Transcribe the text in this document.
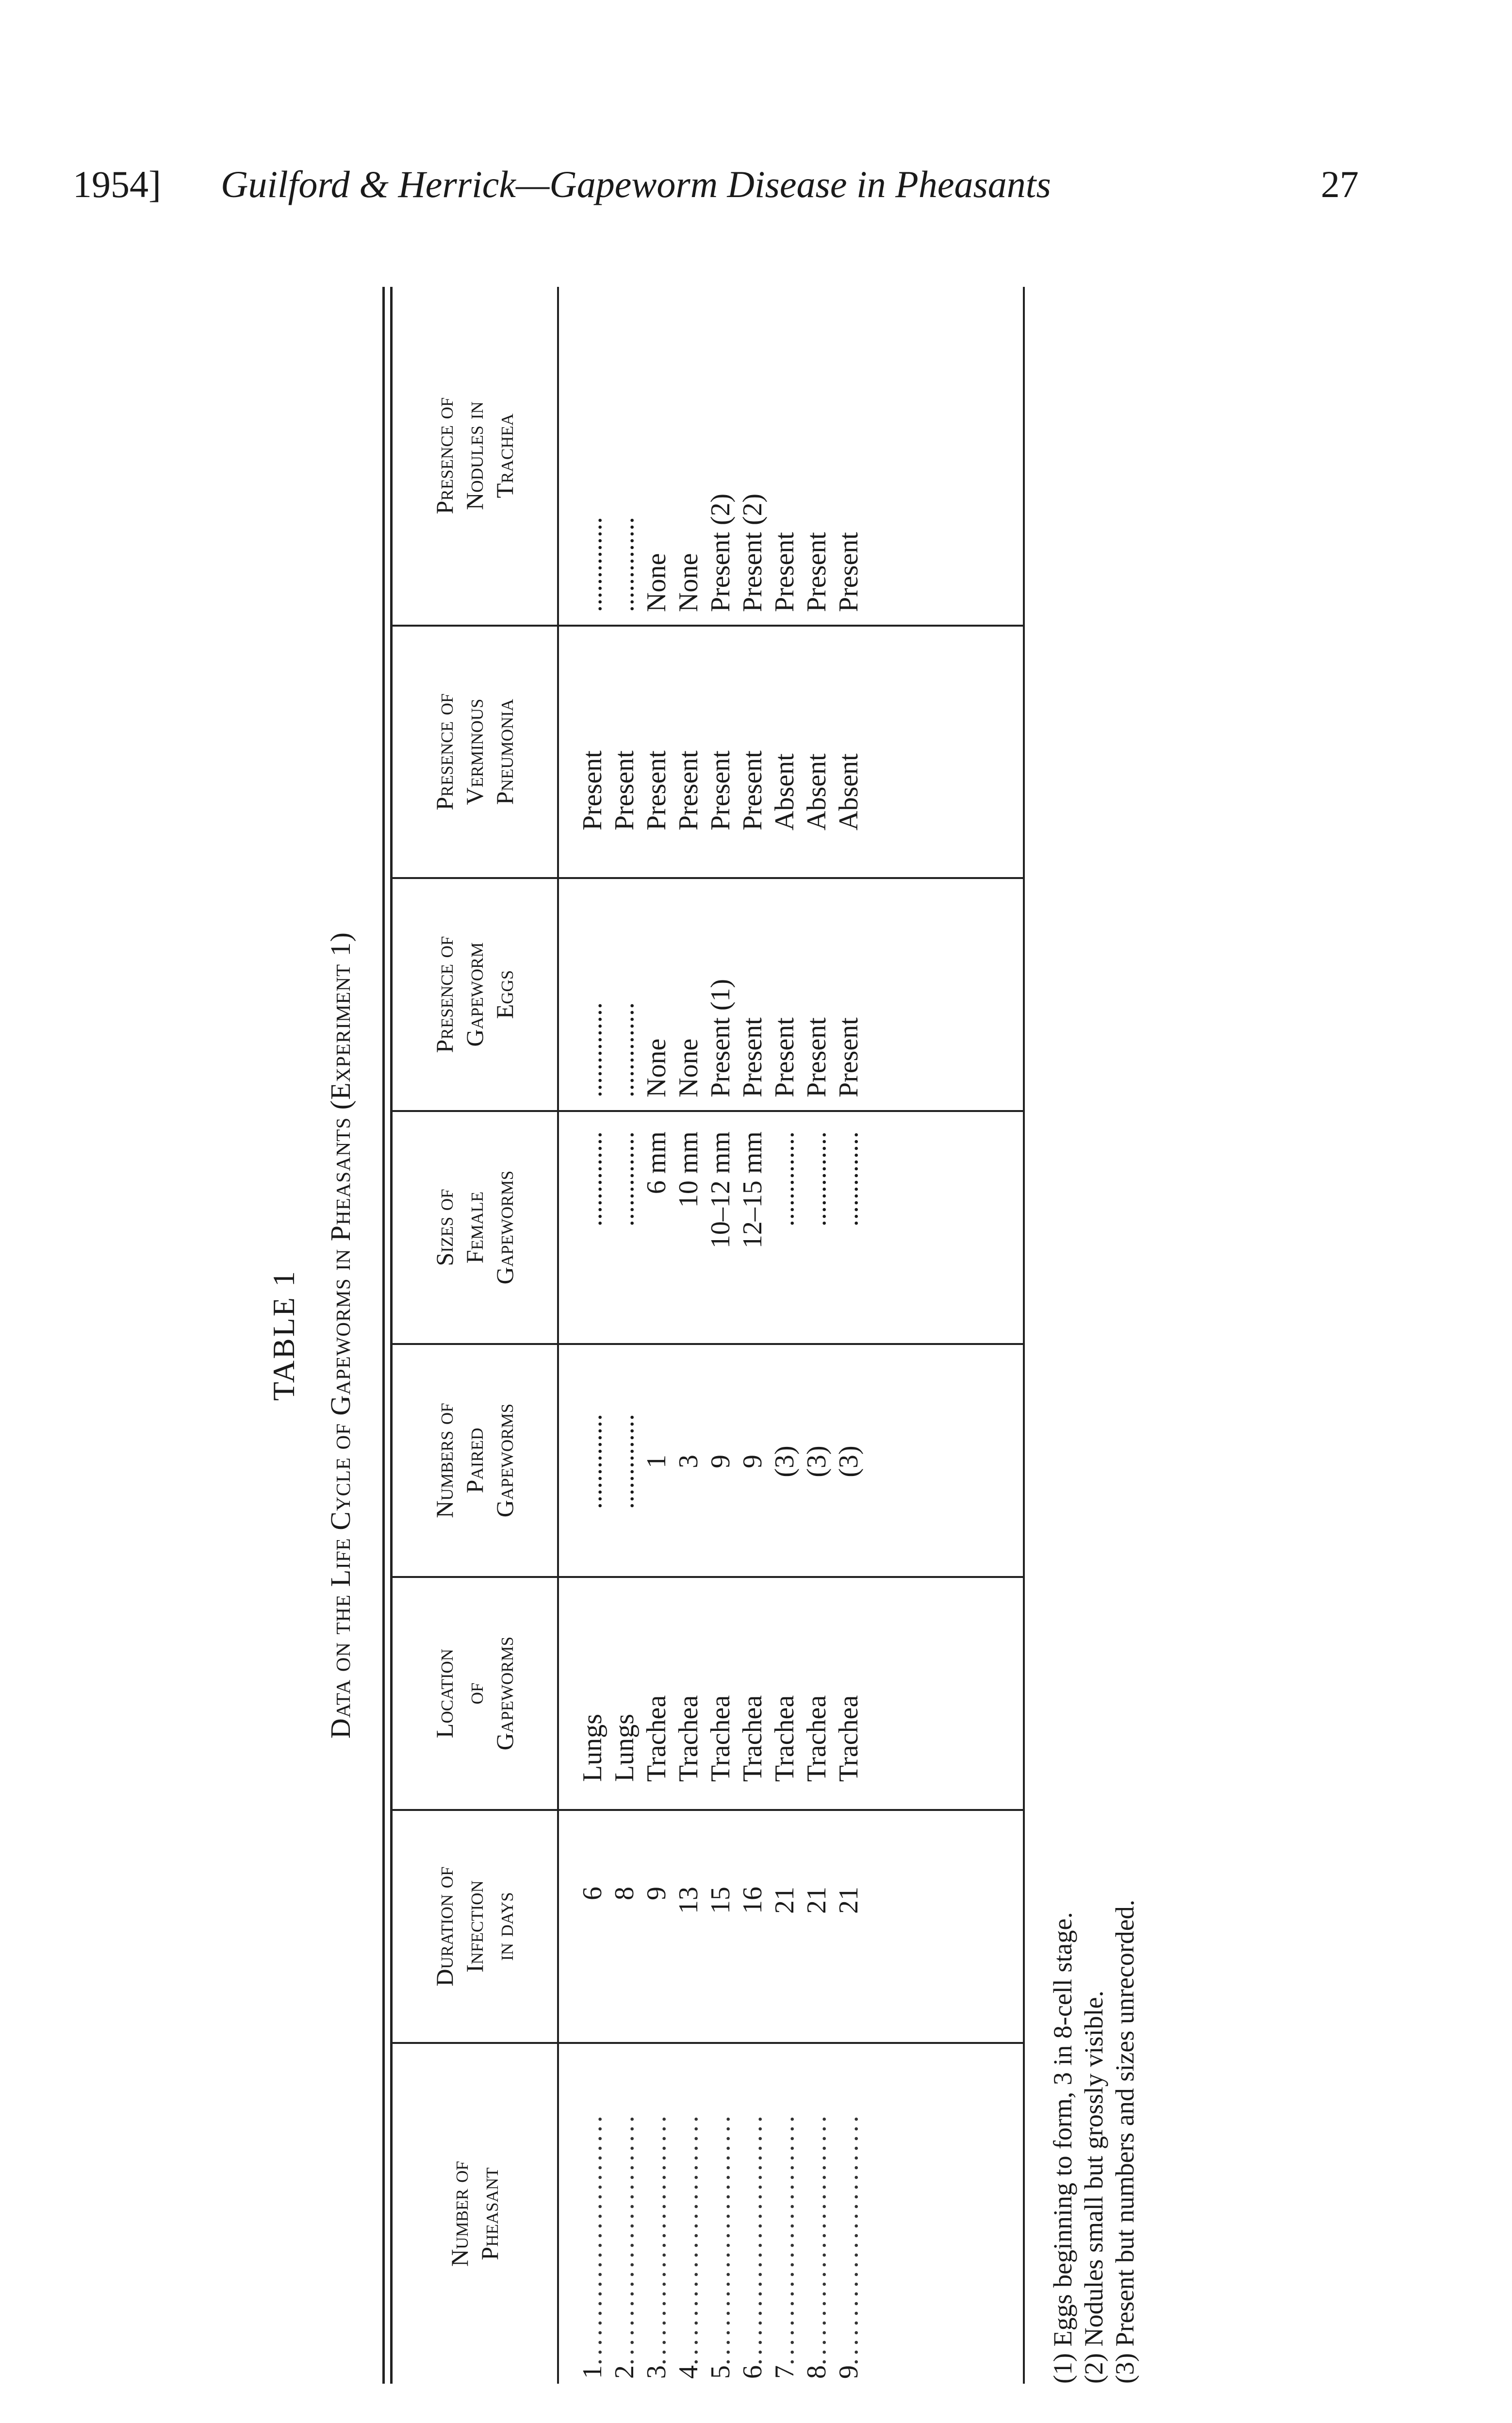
1954] Guilford & Herrick—Gapeworm Disease in Pheasants	27
TABLE 1 Data on the Life Cycle of Gapeworms in Pheasants (Experiment 1)
Number of Pheasant
Duration of Infection in days
Location of Gapeworms
Numbers of Paired Gapeworms
Sizes of Female Gapeworms
Presence of Gapeworm Eggs
Presence of Verminous Pneumonia
Presence of Nodules in Trachea
1..........................
2..........................
3..........................
4..........................
5..........................
6..........................
7..........................
8..........................
9..........................
6 8 9 13 15 16 21 21 21
Lungs Lungs Trachea Trachea Trachea Trachea Trachea Trachea Trachea
.............. .............. 1 3 9 9 (3) (3) (3)
.............. .............. 6 mm 10 mm 10–12 mm 12–15 mm .............. .............. ..............
.............. .............. None None Present (1) Present Present Present Present
Present Present Present Present Present Present Absent Absent Absent
.............. .............. None None Present (2) Present (2) Present Present Present
(1) Eggs beginning to form, 3 in 8-cell stage. (2) Nodules small but grossly visible. (3) Present but numbers and sizes unrecorded.
